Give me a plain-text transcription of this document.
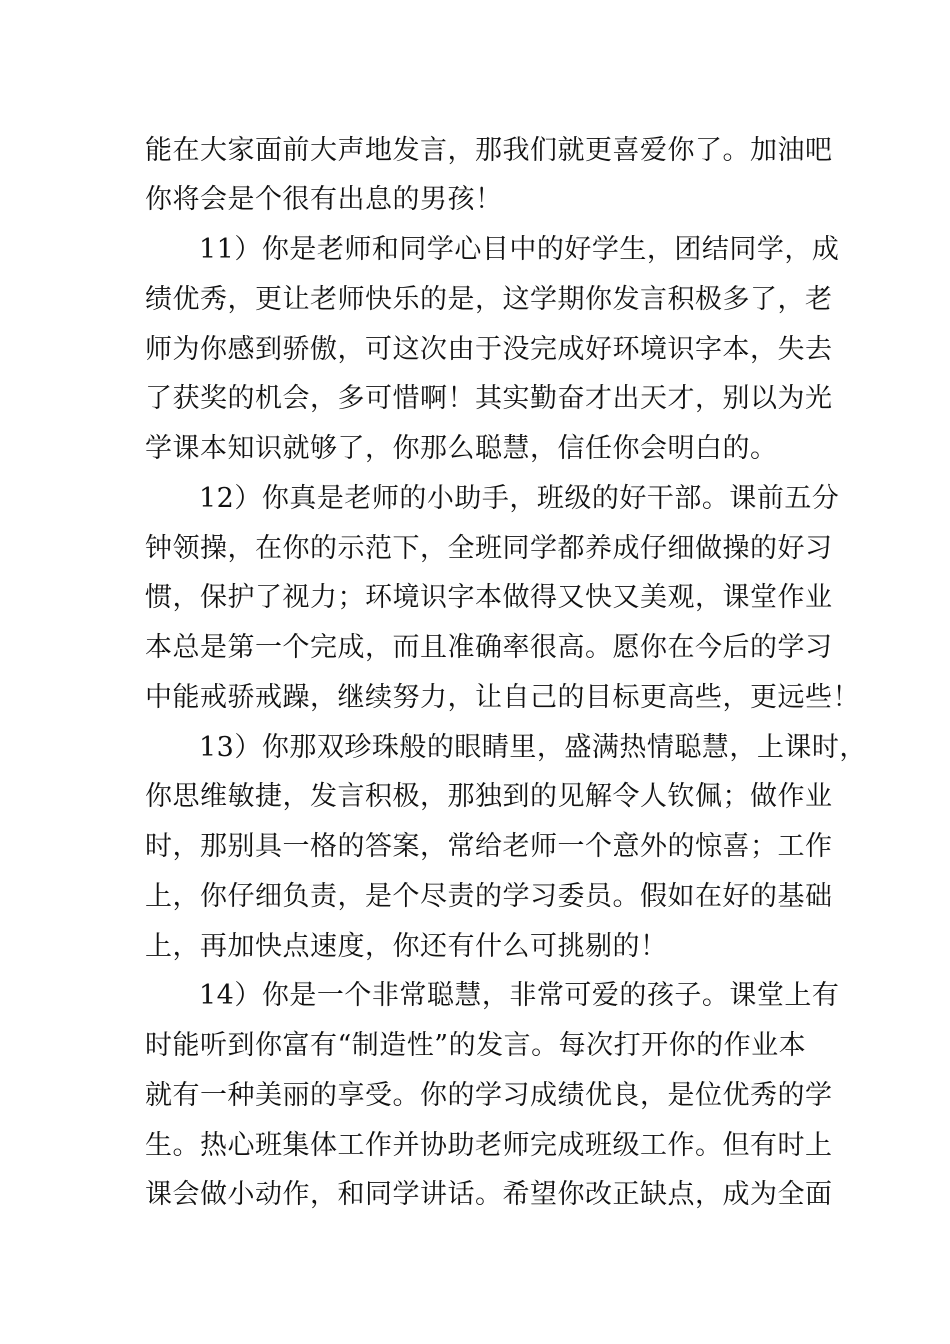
能在大家面前大声地发言，那我们就更喜爱你了。加油吧
你将会是个很有出息的男孩！
11）你是老师和同学心目中的好学生，团结同学，成
绩优秀，更让老师快乐的是，这学期你发言积极多了，老
师为你感到骄傲，可这次由于没完成好环境识字本，失去
了获奖的机会，多可惜啊！其实勤奋才出天才，别以为光
学课本知识就够了，你那么聪慧，信任你会明白的。
12）你真是老师的小助手，班级的好干部。课前五分
钟领操，在你的示范下，全班同学都养成仔细做操的好习
惯，保护了视力；环境识字本做得又快又美观，课堂作业
本总是第一个完成，而且准确率很高。愿你在今后的学习
中能戒骄戒躁，继续努力，让自己的目标更高些，更远些！
13）你那双珍珠般的眼睛里，盛满热情聪慧，上课时，
你思维敏捷，发言积极，那独到的见解令人钦佩；做作业
时，那别具一格的答案，常给老师一个意外的惊喜；工作
上，你仔细负责，是个尽责的学习委员。假如在好的基础
上，再加快点速度，你还有什么可挑剔的！
14）你是一个非常聪慧，非常可爱的孩子。课堂上有
时能听到你富有“制造性”的发言。每次打开你的作业本
就有一种美丽的享受。你的学习成绩优良，是位优秀的学
生。热心班集体工作并协助老师完成班级工作。但有时上
课会做小动作，和同学讲话。希望你改正缺点，成为全面
